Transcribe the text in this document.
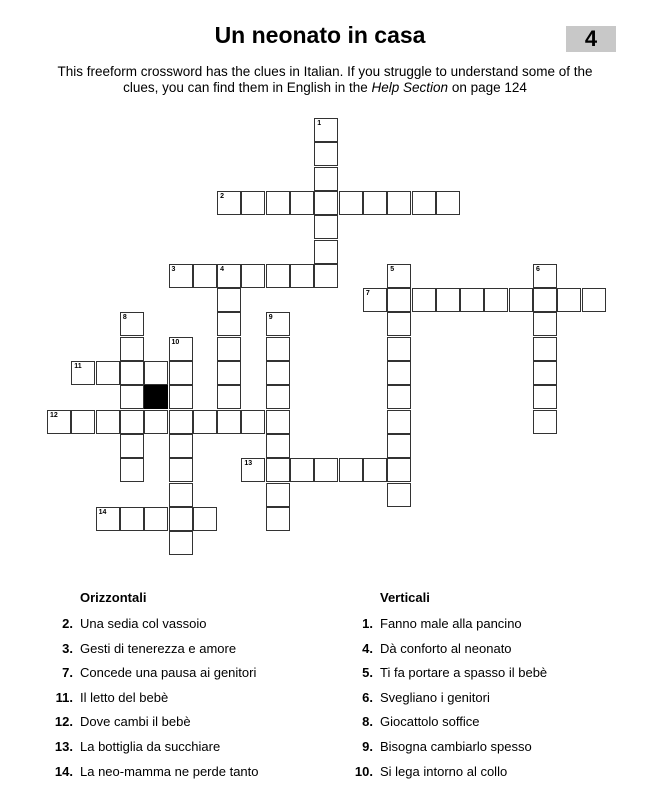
Un neonato in casa	4
This freeform crossword has the clues in Italian. If you struggle to understand some of the clues, you can find them in English in the Help Section on page 124
1
2
3	4	5	6
7
8	9
10
11
12
13
14
Orizzontali
2. Una sedia col vassoio
3. Gesti di tenerezza e amore
7. Concede una pausa ai genitori
11. Il letto del bebè
12. Dove cambi il bebè
13. La bottiglia da succhiare
14. La neo-mamma ne perde tanto
Verticali
1. Fanno male alla pancino
4. Dà conforto al neonato
5. Ti fa portare a spasso il bebè
6. Svegliano i genitori
8. Giocattolo soffice
9. Bisogna cambiarlo spesso
10. Si lega intorno al collo
